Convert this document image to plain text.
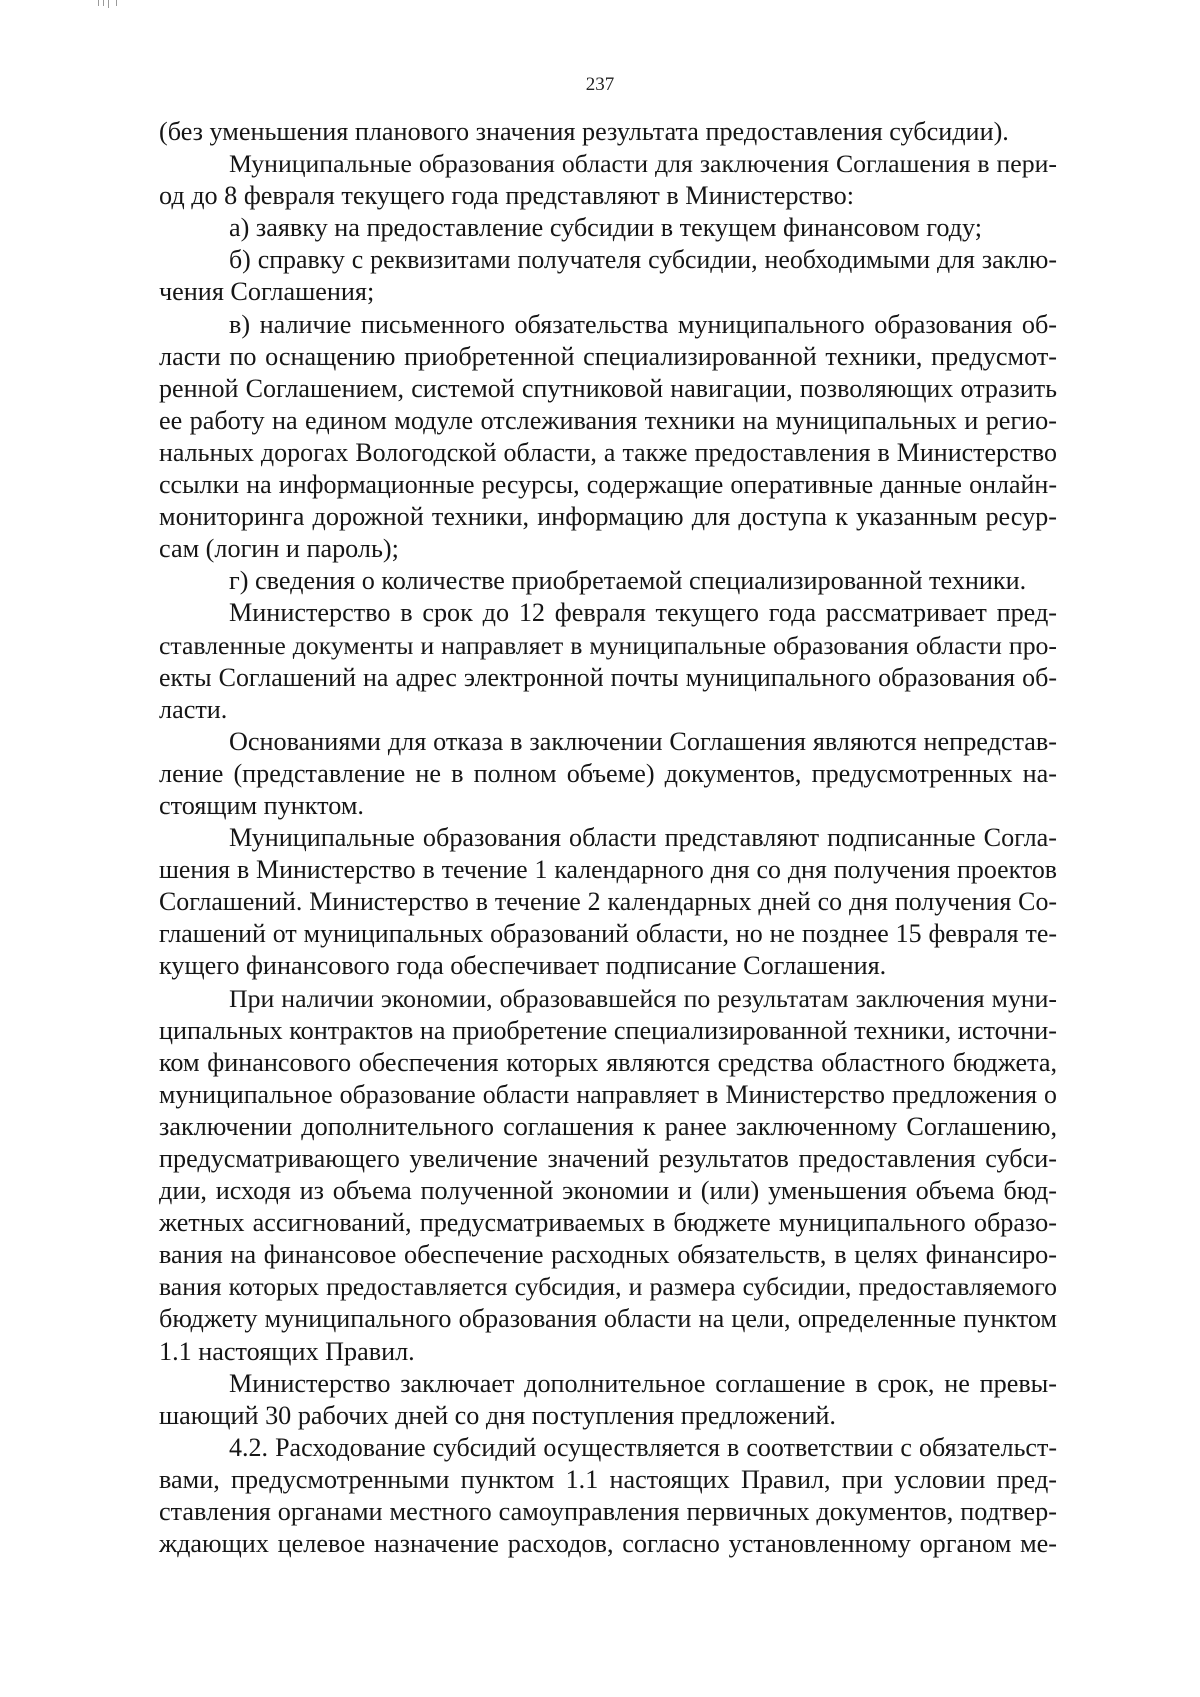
237
(без уменьшения планового значения результата предоставления субсидии).
Муниципальные образования области для заключения Соглашения в пери-
од до 8 февраля текущего года представляют в Министерство:
а) заявку на предоставление субсидии в текущем финансовом году;
б) справку с реквизитами получателя субсидии, необходимыми для заклю-
чения Соглашения;
в) наличие письменного обязательства муниципального образования об-
ласти по оснащению приобретенной специализированной техники, предусмот-
ренной Соглашением, системой спутниковой навигации, позволяющих отразить
ее работу на едином модуле отслеживания техники на муниципальных и регио-
нальных дорогах Вологодской области, а также предоставления в Министерство
ссылки на информационные ресурсы, содержащие оперативные данные онлайн-
мониторинга дорожной техники, информацию для доступа к указанным ресур-
сам (логин и пароль);
г) сведения о количестве приобретаемой специализированной техники.
Министерство в срок до 12 февраля текущего года рассматривает пред-
ставленные документы и направляет в муниципальные образования области про-
екты Соглашений на адрес электронной почты муниципального образования об-
ласти.
Основаниями для отказа в заключении Соглашения являются непредстав-
ление (представление не в полном объеме) документов, предусмотренных на-
стоящим пунктом.
Муниципальные образования области представляют подписанные Согла-
шения в Министерство в течение 1 календарного дня со дня получения проектов
Соглашений. Министерство в течение 2 календарных дней со дня получения Со-
глашений от муниципальных образований области, но не позднее 15 февраля те-
кущего финансового года обеспечивает подписание Соглашения.
При наличии экономии, образовавшейся по результатам заключения муни-
ципальных контрактов на приобретение специализированной техники, источни-
ком финансового обеспечения которых являются средства областного бюджета,
муниципальное образование области направляет в Министерство предложения о
заключении дополнительного соглашения к ранее заключенному Соглашению,
предусматривающего увеличение значений результатов предоставления субси-
дии, исходя из объема полученной экономии и (или) уменьшения объема бюд-
жетных ассигнований, предусматриваемых в бюджете муниципального образо-
вания на финансовое обеспечение расходных обязательств, в целях финансиро-
вания которых предоставляется субсидия, и размера субсидии, предоставляемого
бюджету муниципального образования области на цели, определенные пунктом
1.1 настоящих Правил.
Министерство заключает дополнительное соглашение в срок, не превы-
шающий 30 рабочих дней со дня поступления предложений.
4.2. Расходование субсидий осуществляется в соответствии с обязательст-
вами, предусмотренными пунктом 1.1 настоящих Правил, при условии пред-
ставления органами местного самоуправления первичных документов, подтвер-
ждающих целевое назначение расходов, согласно установленному органом ме-
